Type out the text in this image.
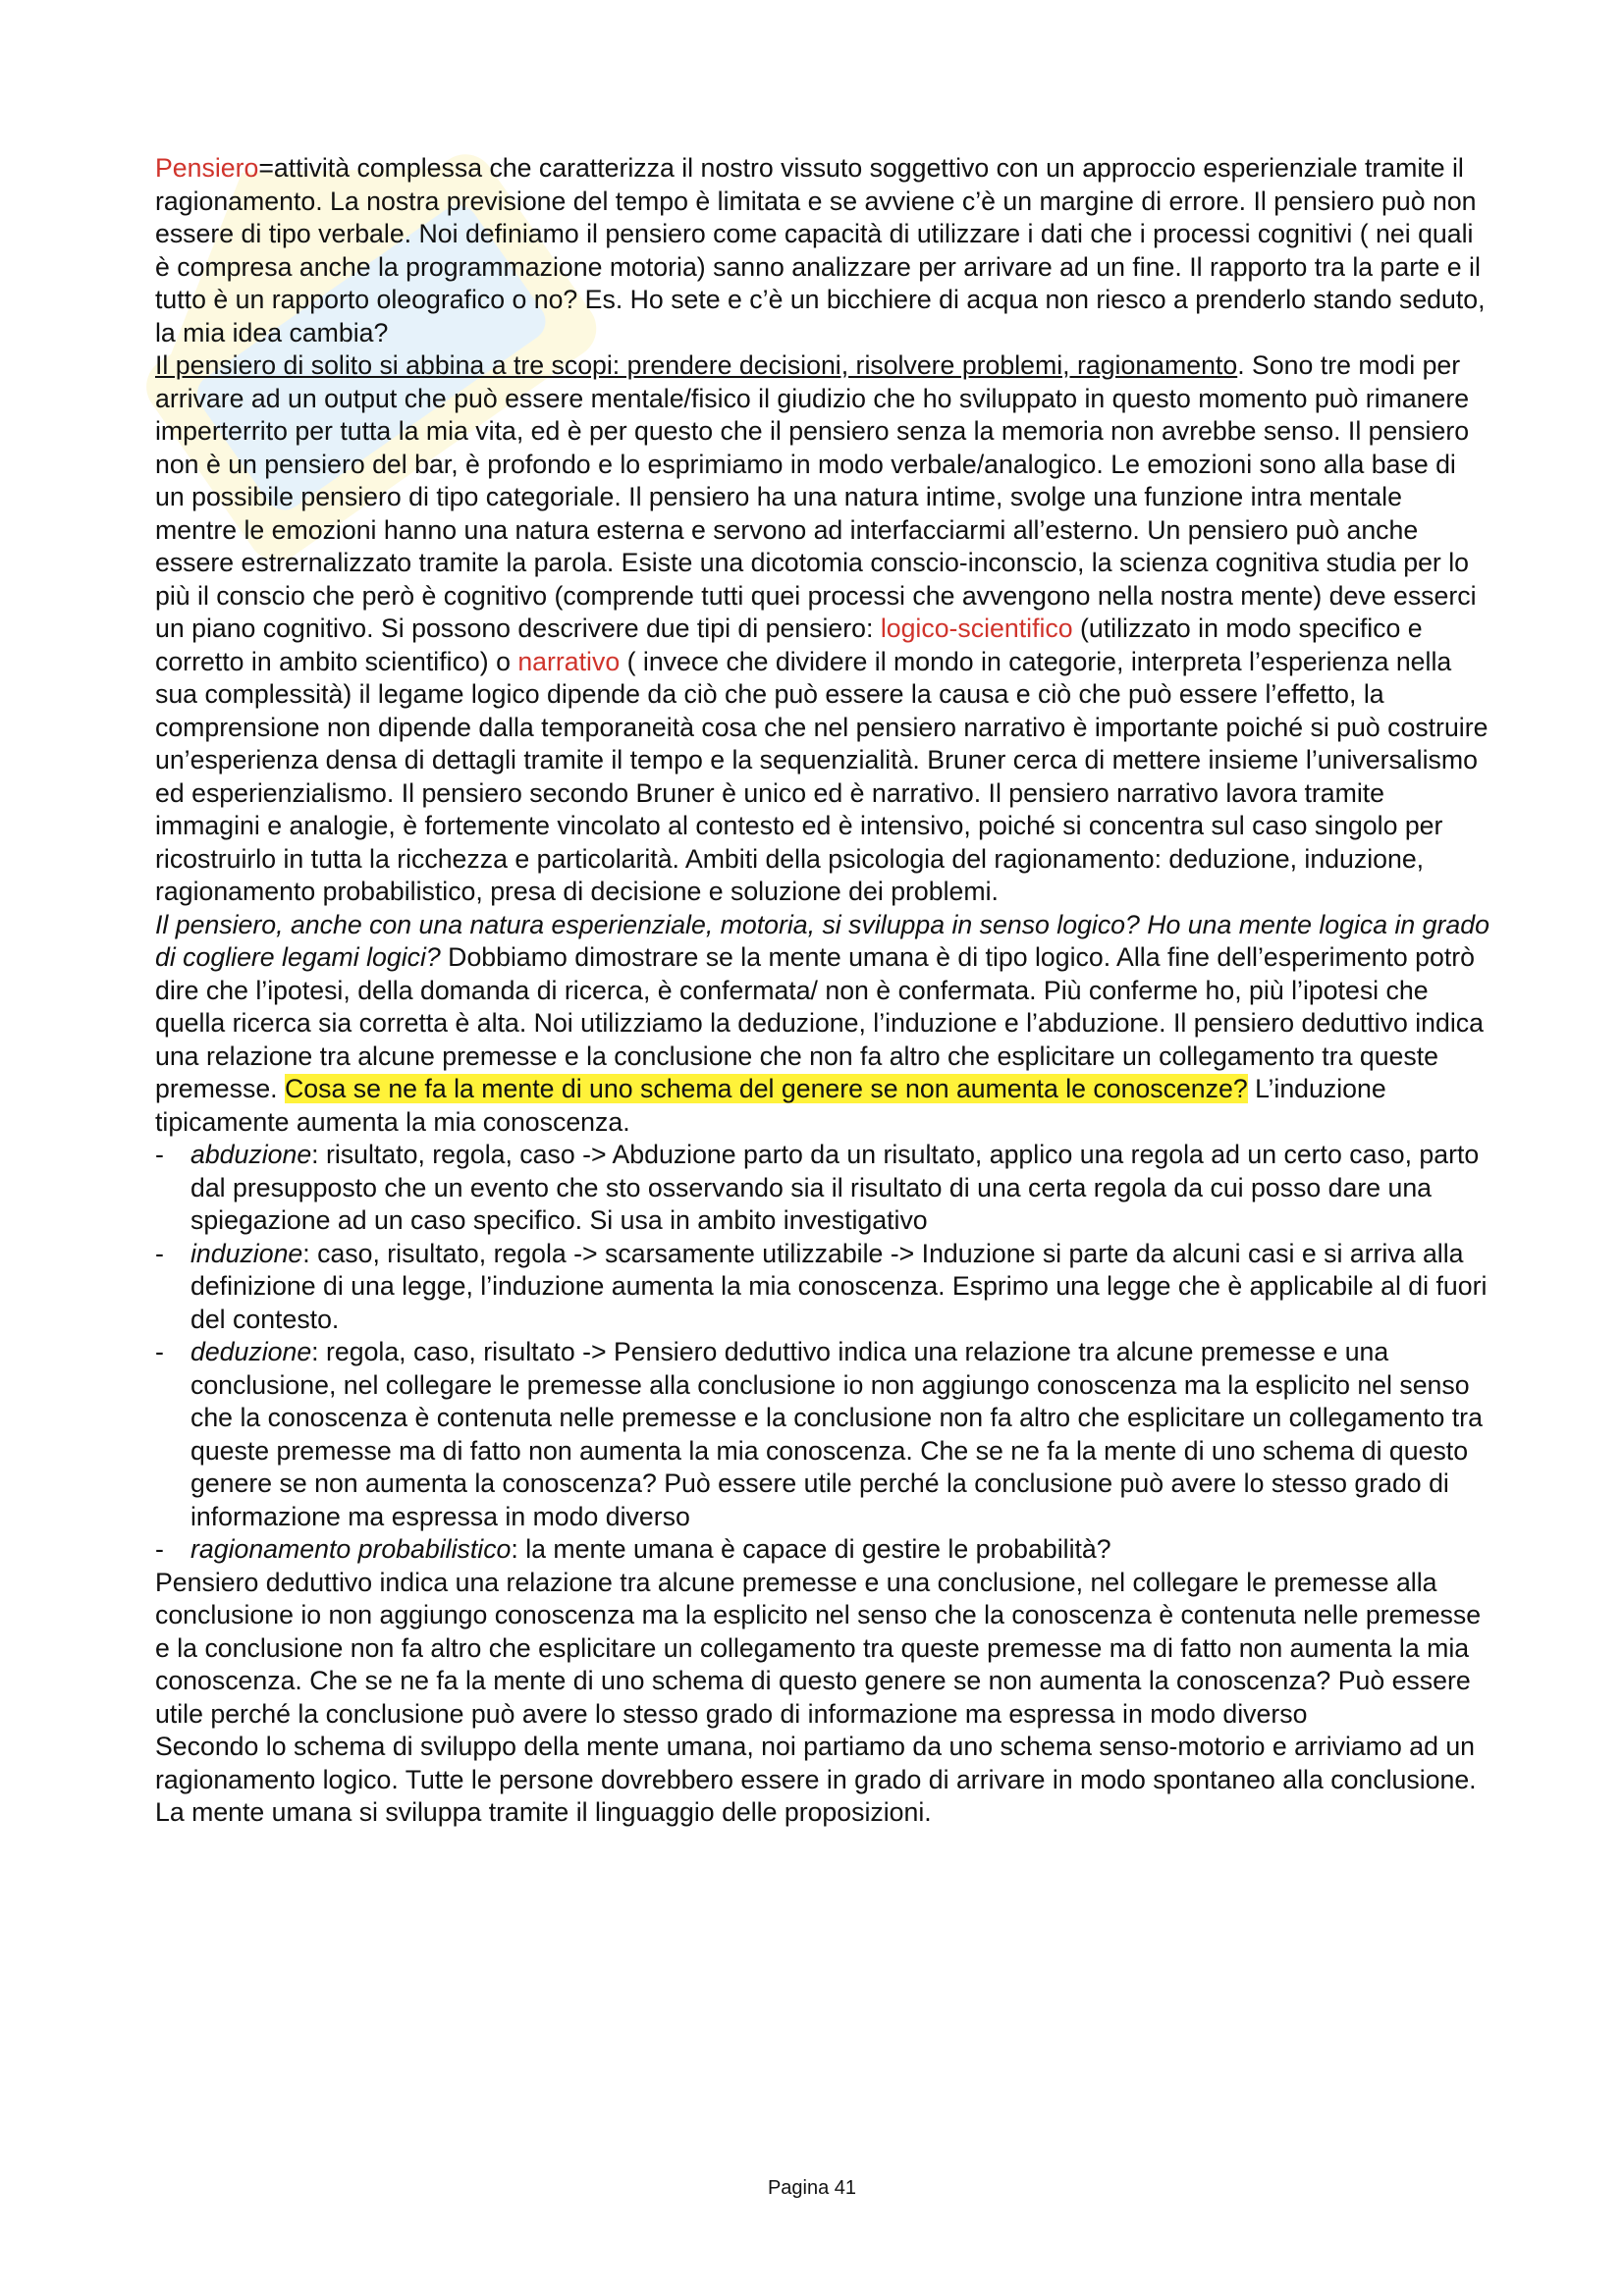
Pensiero=attività complessa che caratterizza il nostro vissuto soggettivo con un approccio esperienziale tramite il ragionamento. La nostra previsione del tempo è limitata e se avviene c’è un margine di errore. Il pensiero può non essere di tipo verbale. Noi definiamo il pensiero come capacità di utilizzare i dati che i processi cognitivi ( nei quali è compresa anche la programmazione motoria) sanno analizzare per arrivare ad un fine. Il rapporto tra la parte e il tutto è un rapporto oleografico o no? Es. Ho sete e c’è un bicchiere di acqua non riesco a prenderlo stando seduto, la mia idea cambia?

Il pensiero di solito si abbina a tre scopi: prendere decisioni, risolvere problemi, ragionamento. Sono tre modi per arrivare ad un output che può essere mentale/fisico il giudizio che ho sviluppato in questo momento può rimanere imperterrito per tutta la mia vita, ed è per questo che il pensiero senza la memoria non avrebbe senso. Il pensiero non è un pensiero del bar, è profondo e lo esprimiamo in modo verbale/analogico. Le emozioni sono alla base di un possibile pensiero di tipo categoriale. Il pensiero ha una natura intime, svolge una funzione intra mentale mentre le emozioni hanno una natura esterna e servono ad interfacciarmi all’esterno. Un pensiero può anche essere estrernalizzato tramite la parola. Esiste una dicotomia conscio-inconscio, la scienza cognitiva studia per lo più il conscio che però è cognitivo (comprende tutti quei processi che avvengono nella nostra mente) deve esserci un piano cognitivo. Si possono descrivere due tipi di pensiero: logico-scientifico (utilizzato in modo specifico e corretto in ambito scientifico) o narrativo ( invece che dividere il mondo in categorie, interpreta l’esperienza nella sua complessità) il legame logico dipende da ciò che può essere la causa e ciò che può essere l’effetto, la comprensione non dipende dalla temporaneità cosa che nel pensiero narrativo è importante poiché si può costruire un’esperienza densa di dettagli tramite il tempo e la sequenzialità. Bruner cerca di mettere insieme l’universalismo ed esperienzialismo. Il pensiero secondo Bruner è unico ed è narrativo. Il pensiero narrativo lavora tramite immagini e analogie, è fortemente vincolato al contesto ed è intensivo, poiché si concentra sul caso singolo per ricostruirlo in tutta la ricchezza e particolarità. Ambiti della psicologia del ragionamento: deduzione, induzione, ragionamento probabilistico, presa di decisione e soluzione dei problemi.

Il pensiero, anche con una natura esperienziale, motoria, si sviluppa in senso logico? Ho una mente logica in grado di cogliere legami logici? Dobbiamo dimostrare se la mente umana è di tipo logico. Alla fine dell’esperimento potrò dire che l’ipotesi, della domanda di ricerca, è confermata/ non è confermata. Più conferme ho, più l’ipotesi che quella ricerca sia corretta è alta. Noi utilizziamo la deduzione, l’induzione e l’abduzione. Il pensiero deduttivo indica una relazione tra alcune premesse e la conclusione che non fa altro che esplicitare un collegamento tra queste premesse. Cosa se ne fa la mente di uno schema del genere se non aumenta le conoscenze? L’induzione tipicamente aumenta la mia conoscenza.

- abduzione: risultato, regola, caso -> Abduzione parto da un risultato, applico una regola ad un certo caso, parto dal presupposto che un evento che sto osservando sia il risultato di una certa regola da cui posso dare una spiegazione ad un caso specifico. Si usa in ambito investigativo
- induzione: caso, risultato, regola -> scarsamente utilizzabile -> Induzione si parte da alcuni casi e si arriva alla definizione di una legge, l’induzione aumenta la mia conoscenza. Esprimo una legge che è applicabile al di fuori del contesto.
- deduzione: regola, caso, risultato -> Pensiero deduttivo indica una relazione tra alcune premesse e una conclusione, nel collegare le premesse alla conclusione io non aggiungo conoscenza ma la esplicito nel senso che la conoscenza è contenuta nelle premesse e la conclusione non fa altro che esplicitare un collegamento tra queste premesse ma di fatto non aumenta la mia conoscenza. Che se ne fa la mente di uno schema di questo genere se non aumenta la conoscenza? Può essere utile perché la conclusione può avere lo stesso grado di informazione ma espressa in modo diverso
- ragionamento probabilistico: la mente umana è capace di gestire le probabilità?

Pensiero deduttivo indica una relazione tra alcune premesse e una conclusione, nel collegare le premesse alla conclusione io non aggiungo conoscenza ma la esplicito nel senso che la conoscenza è contenuta nelle premesse e la conclusione non fa altro che esplicitare un collegamento tra queste premesse ma di fatto non aumenta la mia conoscenza. Che se ne fa la mente di uno schema di questo genere se non aumenta la conoscenza? Può essere utile perché la conclusione può avere lo stesso grado di informazione ma espressa in modo diverso

Secondo lo schema di sviluppo della mente umana, noi partiamo da uno schema senso-motorio e arriviamo ad un ragionamento logico. Tutte le persone dovrebbero essere in grado di arrivare in modo spontaneo alla conclusione. La mente umana si sviluppa tramite il linguaggio delle proposizioni.

Pagina 41
